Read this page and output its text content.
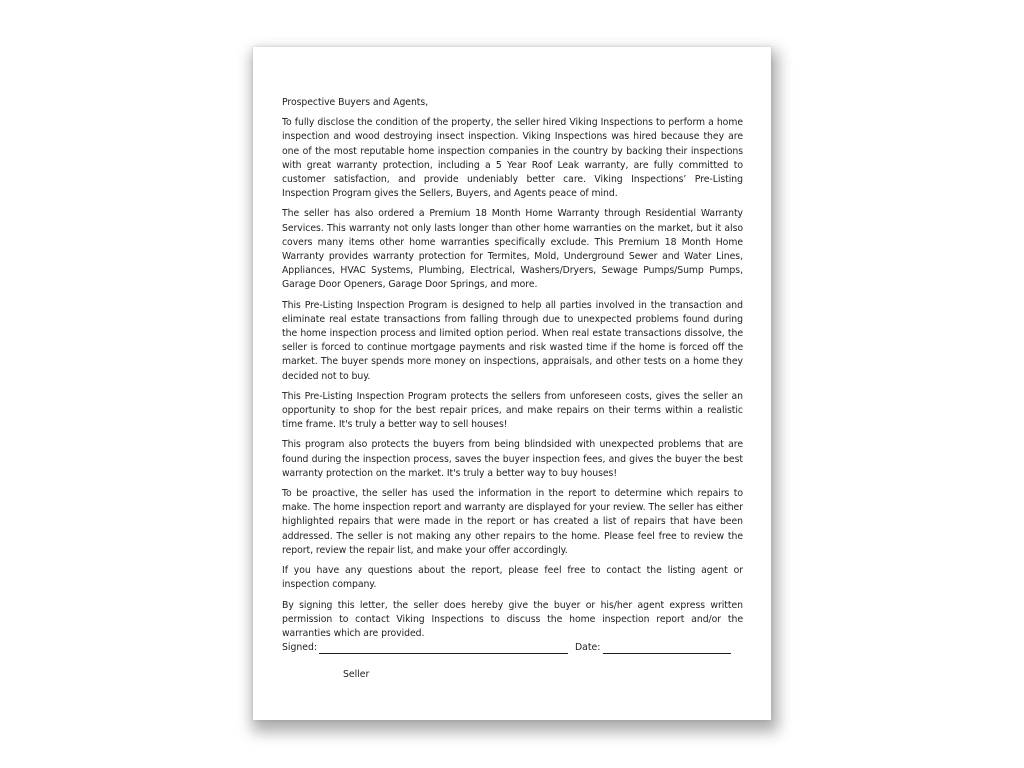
Prospective Buyers and Agents,

To fully disclose the condition of the property, the seller hired Viking Inspections to perform a home inspection and wood destroying insect inspection. Viking Inspections was hired because they are one of the most reputable home inspection companies in the country by backing their inspections with great warranty protection, including a 5 Year Roof Leak warranty, are fully committed to customer satisfaction, and provide undeniably better care. Viking Inspections’ Pre-Listing Inspection Program gives the Sellers, Buyers, and Agents peace of mind.

The seller has also ordered a Premium 18 Month Home Warranty through Residential Warranty Services. This warranty not only lasts longer than other home warranties on the market, but it also covers many items other home warranties specifically exclude. This Premium 18 Month Home Warranty provides warranty protection for Termites, Mold, Underground Sewer and Water Lines, Appliances, HVAC Systems, Plumbing, Electrical, Washers/Dryers, Sewage Pumps/Sump Pumps, Garage Door Openers, Garage Door Springs, and more.

This Pre-Listing Inspection Program is designed to help all parties involved in the transaction and eliminate real estate transactions from falling through due to unexpected problems found during the home inspection process and limited option period. When real estate transactions dissolve, the seller is forced to continue mortgage payments and risk wasted time if the home is forced off the market. The buyer spends more money on inspections, appraisals, and other tests on a home they decided not to buy.

This Pre-Listing Inspection Program protects the sellers from unforeseen costs, gives the seller an opportunity to shop for the best repair prices, and make repairs on their terms within a realistic time frame. It's truly a better way to sell houses!

This program also protects the buyers from being blindsided with unexpected problems that are found during the inspection process, saves the buyer inspection fees, and gives the buyer the best warranty protection on the market. It's truly a better way to buy houses!

To be proactive, the seller has used the information in the report to determine which repairs to make. The home inspection report and warranty are displayed for your review. The seller has either highlighted repairs that were made in the report or has created a list of repairs that have been addressed. The seller is not making any other repairs to the home. Please feel free to review the report, review the repair list, and make your offer accordingly.

If you have any questions about the report, please feel free to contact the listing agent or inspection company.

By signing this letter, the seller does hereby give the buyer or his/her agent express written permission to contact Viking Inspections to discuss the home inspection report and/or the warranties which are provided.

Signed:	Date:
Seller
